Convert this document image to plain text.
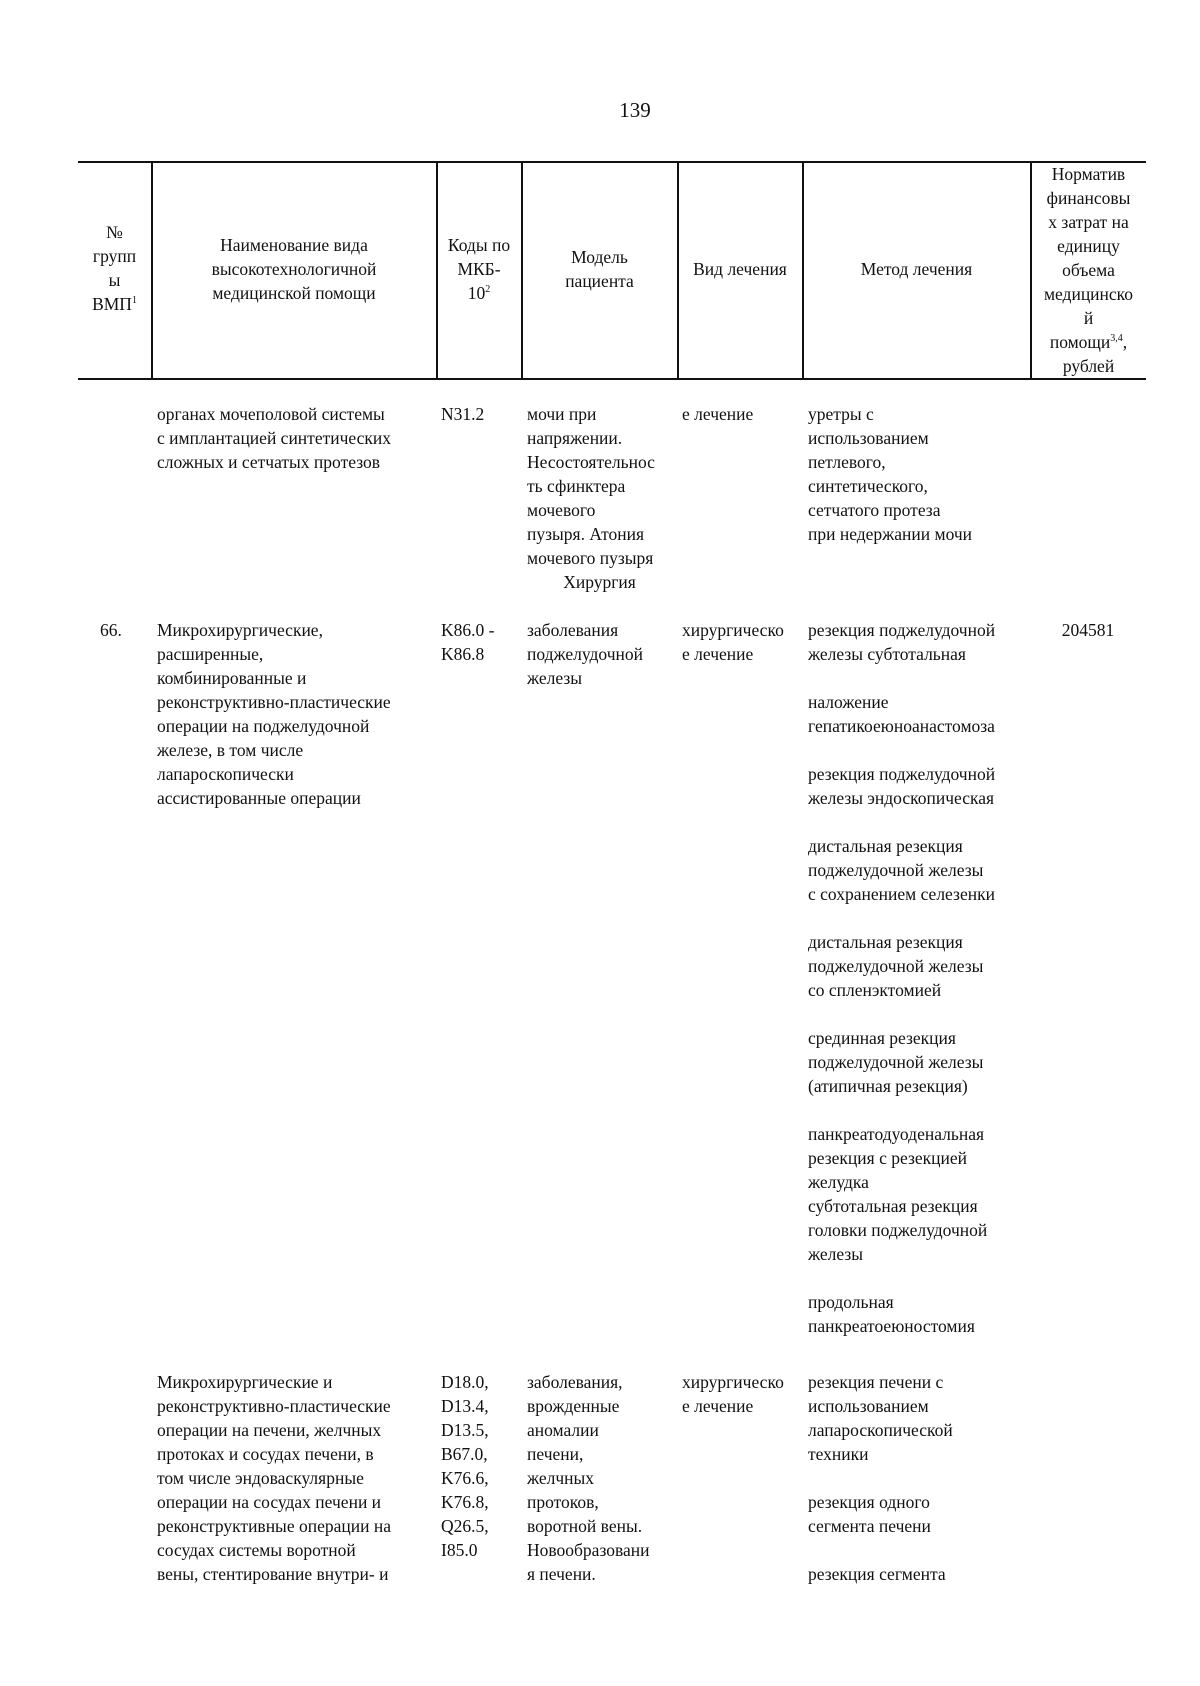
139
№
групп
ы
ВМП$^1$
Наименование вида
высокотехнологичной
медицинской помощи
Коды по
МКБ-
$10^2$
Модель
пациента
Вид лечения	Метод лечения
Норматив
финансовы
х затрат на
единицу
объема
медицинско
й
помощи$^{3,4}$,
рублей
органах мочеполовой системы
с имплантацией синтетических
сложных и сетчатых протезов
N31.2 мочи при
напряжении.
Несостоятельнос
ть сфинктера
мочевого
пузыря. Атония
мочевого пузыря
Хирургия
е лечение	уретры с
использованием
петлевого,
синтетического,
сетчатого протеза
при недержании мочи
66. Микрохирургические,
расширенные,
комбинированные и
реконструктивно-пластические
операции на поджелудочной
железе, в том числе
лапароскопически
ассистированные операции
K86.0 -
K86.8
заболевания
поджелудочной
железы
хирургическо
е лечение
резекция поджелудочной
железы субтотальная
наложение
гепатикоеюноанастомоза
резекция поджелудочной
железы эндоскопическая
дистальная резекция
поджелудочной железы
с сохранением селезенки
дистальная резекция
поджелудочной железы
со спленэктомией
срединная резекция
поджелудочной железы
(атипичная резекция)
панкреатодуоденальная
резекция с резекцией
желудка
субтотальная резекция
головки поджелудочной
железы
продольная
панкреатоеюностомия
204581
Микрохирургические и
реконструктивно-пластические
операции на печени, желчных
протоках и сосудах печени, в
том числе эндоваскулярные
операции на сосудах печени и
реконструктивные операции на
сосудах системы воротной
вены, стентирование внутри- и
D18.0,
D13.4,
D13.5,
B67.0,
K76.6,
K76.8,
Q26.5,
I85.0
заболевания,
врожденные
аномалии
печени,
желчных
протоков,
воротной вены.
Новообразовани
я печени.
хирургическо
е лечение
резекция печени с
использованием
лапароскопической
техники
резекция одного
сегмента печени
резекция сегмента
